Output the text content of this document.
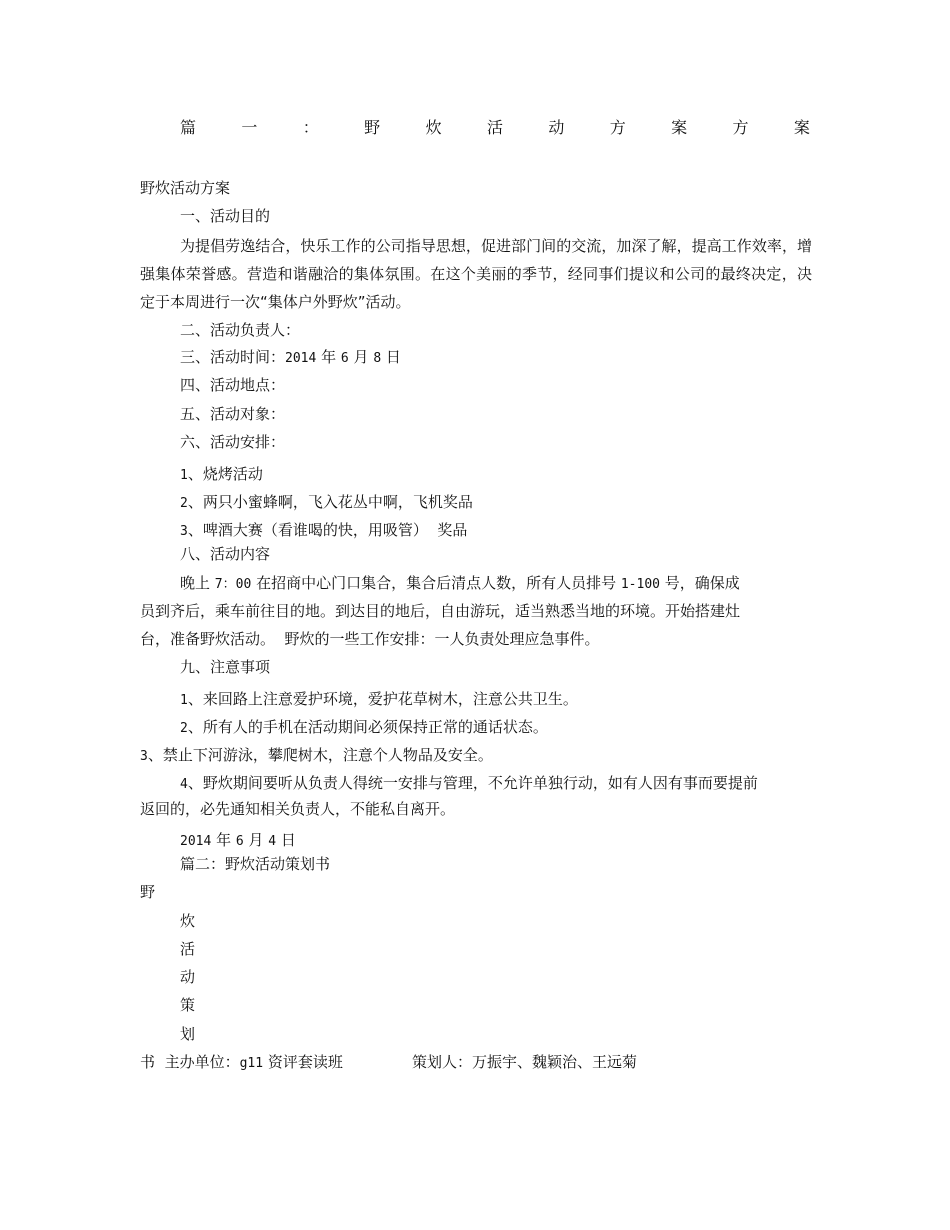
篇	一	：	野	炊	活	动	方	案	方	案
野炊活动方案
一、活动目的
为提倡劳逸结合，快乐工作的公司指导思想，促进部门间的交流，加深了解，提高工作效率，增强集体荣誉感。营造和谐融洽的集体氛围。在这个美丽的季节，经同事们提议和公司的最终决定，决定于本周进行一次“集体户外野炊”活动。
二、活动负责人：
三、活动时间：2014 年 6 月 8 日
四、活动地点：
五、活动对象：
六、活动安排：
1、烧烤活动
2、两只小蜜蜂啊，飞入花丛中啊，飞机奖品
3、啤酒大赛（看谁喝的快，用吸管）  奖品
八、活动内容
晚上 7：00 在招商中心门口集合，集合后清点人数，所有人员排号 1-100 号，确保成
员到齐后，乘车前往目的地。到达目的地后，自由游玩，适当熟悉当地的环境。开始搭建灶
台，准备野炊活动。  野炊的一些工作安排：一人负责处理应急事件。
九、注意事项
1、来回路上注意爱护环境，爱护花草树木，注意公共卫生。
2、所有人的手机在活动期间必须保持正常的通话状态。
3、禁止下河游泳，攀爬树木，注意个人物品及安全。
4、野炊期间要听从负责人得统一安排与管理，不允许单独行动，如有人因有事而要提前
返回的，必先通知相关负责人，不能私自离开。
2014 年 6 月 4 日
篇二：野炊活动策划书
野
炊
活
动
策
划
书 主办单位：g11 资评套读班	策划人：万振宇、魏颖治、王远菊
